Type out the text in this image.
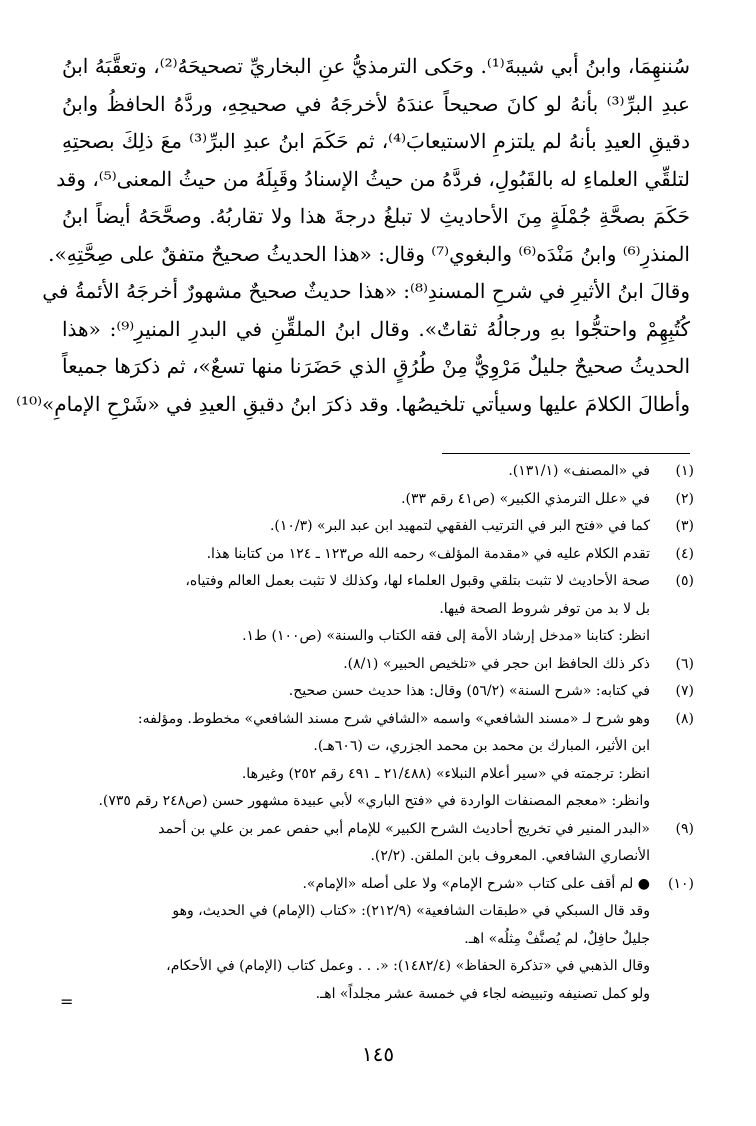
سُننهِمَا، وابنُ أبي شيبةَ⁽¹⁾. وحَكى الترمذيُّ عنِ البخاريِّ تصحيحَهُ⁽²⁾، وتعقَّبَهُ ابنُ
عبدِ البرِّ⁽³⁾ بأنهُ لو كانَ صحيحاً عندَهُ لأخرجَهُ في صحيحِهِ، وردَّهُ الحافظُ وابنُ
دقيقِ العيدِ بأنهُ لم يلتزمِ الاستيعابَ⁽⁴⁾، ثم حَكَمَ ابنُ عبدِ البرِّ⁽³⁾ معَ ذلِكَ بصحتِهِ
لتلقِّي العلماءِ له بالقَبُولِ، فردَّهُ من حيثُ الإسنادُ وقَبِلَهُ من حيثُ المعنى⁽⁵⁾، وقد
حَكَمَ بصحَّةِ جُمْلَةٍ مِنَ الأحاديثِ لا تبلغُ درجةَ هذا ولا تقاربُهُ. وصحَّحَهُ أيضاً ابنُ
المنذرِ⁽⁶⁾ وابنُ مَنْدَه⁽⁶⁾ والبغوي⁽⁷⁾ وقال: «هذا الحديثُ صحيحٌ متفقٌ على صِحَّتِهِ».
وقالَ ابنُ الأثيرِ في شرحِ المسندِ⁽⁸⁾: «هذا حديثٌ صحيحٌ مشهورٌ أخرجَهُ الأئمةُ في
كُتُبِهِمْ واحتجُّوا بهِ ورجالُهُ ثقاتٌ». وقال ابنُ الملقِّنِ في البدرِ المنيرِ⁽⁹⁾: «هذا
الحديثُ صحيحٌ جليلٌ مَرْوِيٌّ مِنْ طُرُقٍ الذي حَضَرَنا منها تسعٌ»، ثم ذكرَها جميعاً
وأطالَ الكلامَ عليها وسيأتي تلخيصُها. وقد ذكرَ ابنُ دقيقِ العيدِ في «شَرْحِ الإمامِ»⁽¹⁰⁾
(١)
في «المصنف» (١٣١/١).
(٢)
في «علل الترمذي الكبير» (ص٤١ رقم ٣٣).
(٣)
كما في «فتح البر في الترتيب الفقهي لتمهيد ابن عبد البر» (١٠/٣).
(٤)
تقدم الكلام عليه في «مقدمة المؤلف» رحمه الله ص١٢٣ ـ ١٢٤ من كتابنا هذا.
(٥)
صحة الأحاديث لا تثبت بتلقي وقبول العلماء لها، وكذلك لا تثبت بعمل العالم وفتياه،
بل لا بد من توفر شروط الصحة فيها.
انظر: كتابنا «مدخل إرشاد الأمة إلى فقه الكتاب والسنة» (ص١٠٠) ط١.
(٦)
ذكر ذلك الحافظ ابن حجر في «تلخيص الحبير» (٨/١).
(٧)
في كتابه: «شرح السنة» (٥٦/٢) وقال: هذا حديث حسن صحيح.
(٨)
وهو شرح لـ «مسند الشافعي» واسمه «الشافي شرح مسند الشافعي» مخطوط. ومؤلفه:
ابن الأثير، المبارك بن محمد بن محمد الجزري، ت (٦٠٦هـ).
انظر: ترجمته في «سير أعلام النبلاء» (٢١/٤٨٨ ـ ٤٩١ رقم ٢٥٢) وغيرها.
وانظر: «معجم المصنفات الواردة في «فتح الباري» لأبي عبيدة مشهور حسن (ص٢٤٨ رقم ٧٣٥).
(٩)
«البدر المنير في تخريج أحاديث الشرح الكبير» للإمام أبي حفص عمر بن علي بن أحمد
الأنصاري الشافعي. المعروف بابن الملقن. (٢/٢).
(١٠)
● لم أقف على كتاب «شرح الإمام» ولا على أصله «الإمام».
وقد قال السبكي في «طبقات الشافعية» (٢١٢/٩): «كتاب (الإمام) في الحديث، وهو
جليلٌ حافِلٌ، لم يُصنَّفْ مِثلُه» اهـ.
وقال الذهبي في «تذكرة الحفاظ» (١٤٨٢/٤): «. . . وعمل كتاب (الإمام) في الأحكام،
ولو كمل تصنيفه وتبييضه لجاء في خمسة عشر مجلداً» اهـ.
=
١٤٥
